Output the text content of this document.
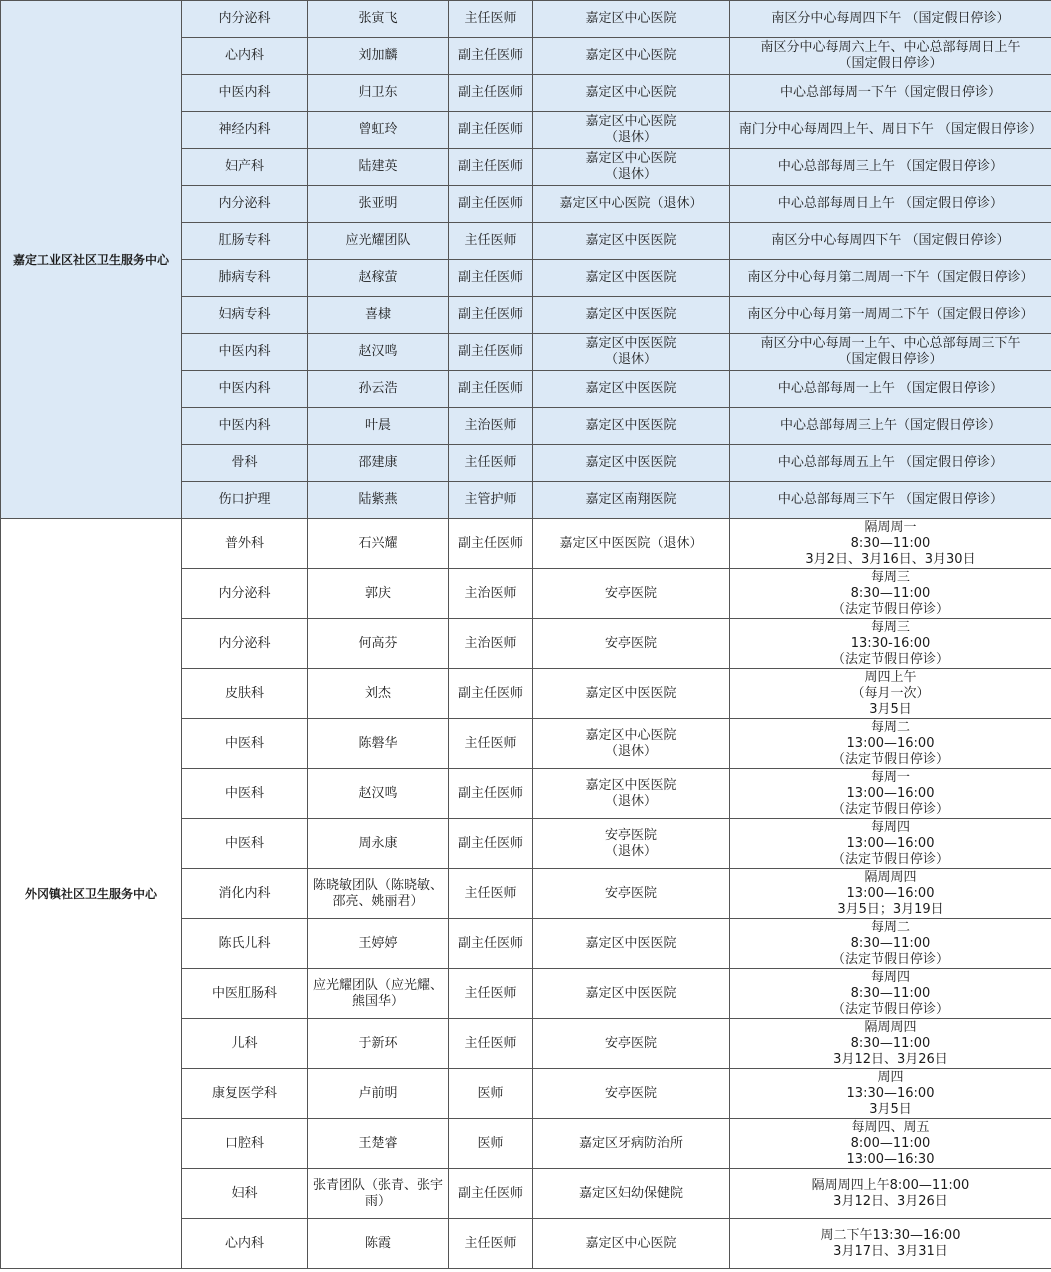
嘉定工业区社区卫生服务中心	内分泌科	张寅飞	主任医师	嘉定区中心医院	南区分中心每周四下午 （国定假日停诊）
	心内科	刘加麟	副主任医师	嘉定区中心医院	南区分中心每周六上午、中心总部每周日上午
（国定假日停诊）
	中医内科	归卫东	副主任医师	嘉定区中心医院	中心总部每周一下午（国定假日停诊）
	神经内科	曾虹玲	副主任医师	嘉定区中心医院
（退休）	南门分中心每周四上午、周日下午 （国定假日停诊）
	妇产科	陆建英	副主任医师	嘉定区中心医院
（退休）	中心总部每周三上午 （国定假日停诊）
	内分泌科	张亚明	副主任医师	嘉定区中心医院（退休）	中心总部每周日上午 （国定假日停诊）
	肛肠专科	应光耀团队	主任医师	嘉定区中医医院	南区分中心每周四下午 （国定假日停诊）
	肺病专科	赵稼萤	副主任医师	嘉定区中医医院	南区分中心每月第二周周一下午（国定假日停诊）
	妇病专科	喜棣	副主任医师	嘉定区中医医院	南区分中心每月第一周周二下午（国定假日停诊）
	中医内科	赵汉鸣	副主任医师	嘉定区中医医院
（退休）	南区分中心每周一上午、中心总部每周三下午
（国定假日停诊）
	中医内科	孙云浩	副主任医师	嘉定区中医医院	中心总部每周一上午 （国定假日停诊）
	中医内科	叶晨	主治医师	嘉定区中医医院	中心总部每周三上午（国定假日停诊）
	骨科	邵建康	主任医师	嘉定区中医医院	中心总部每周五上午 （国定假日停诊）
	伤口护理	陆紫燕	主管护师	嘉定区南翔医院	中心总部每周三下午 （国定假日停诊）
外冈镇社区卫生服务中心	普外科	石兴耀	副主任医师	嘉定区中医医院（退休）	隔周周一
8:30—11:00
3月2日、3月16日、3月30日
	内分泌科	郭庆	主治医师	安亭医院	每周三
8:30—11:00
（法定节假日停诊）
	内分泌科	何高芬	主治医师	安亭医院	每周三
13:30-16:00
（法定节假日停诊）
	皮肤科	刘杰	副主任医师	嘉定区中医医院	周四上午
（每月一次）
3月5日
	中医科	陈磐华	主任医师	嘉定区中心医院
（退休）	每周二
13:00—16:00
（法定节假日停诊）
	中医科	赵汉鸣	副主任医师	嘉定区中医医院
（退休）	每周一
13:00—16:00
（法定节假日停诊）
	中医科	周永康	副主任医师	安亭医院
（退休）	每周四
13:00—16:00
（法定节假日停诊）
	消化内科	陈晓敏团队（陈晓敏、
邵亮、姚丽君）	主任医师	安亭医院	隔周周四
13:00—16:00
3月5日；3月19日
	陈氏儿科	王婷婷	副主任医师	嘉定区中医医院	每周二
8:30—11:00
（法定节假日停诊）
	中医肛肠科	应光耀团队（应光耀、
熊国华）	主任医师	嘉定区中医医院	每周四
8:30—11:00
（法定节假日停诊）
	儿科	于新环	主任医师	安亭医院	隔周周四
8:30—11:00
3月12日、3月26日
	康复医学科	卢前明	医师	安亭医院	周四
13:30—16:00
3月5日
	口腔科	王楚睿	医师	嘉定区牙病防治所	每周四、周五
8:00—11:00
13:00—16:30
	妇科	张青团队（张青、张宇
雨）	副主任医师	嘉定区妇幼保健院	隔周周四上午8:00—11:00
3月12日、3月26日
	心内科	陈霞	主任医师	嘉定区中心医院	周二下午13:30—16:00
3月17日、3月31日
